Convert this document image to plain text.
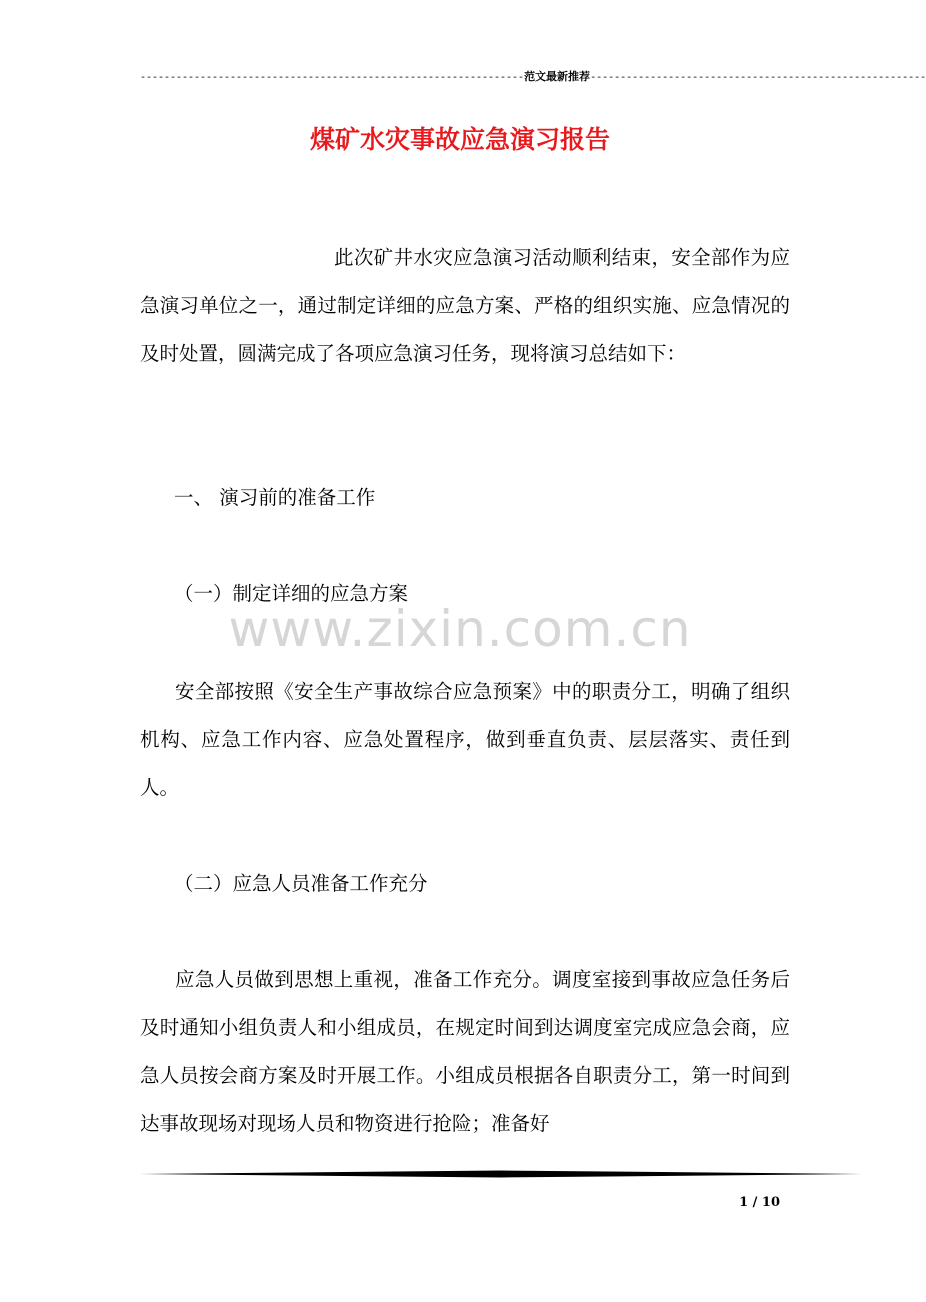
----------------------------------------------------------------范文最新推荐--------------------------------------------------------
煤矿水灾事故应急演习报告
www.zixin.com.cn
此次矿井水灾应急演习活动顺利结束，安全部作为应急演习单位之一，通过制定详细的应急方案、严格的组织实施、应急情况的及时处置，圆满完成了各项应急演习任务，现将演习总结如下：
一、 演习前的准备工作
（一）制定详细的应急方案
安全部按照《安全生产事故综合应急预案》中的职责分工，明确了组织机构、应急工作内容、应急处置程序，做到垂直负责、层层落实、责任到人。
（二）应急人员准备工作充分
应急人员做到思想上重视，准备工作充分。调度室接到事故应急任务后及时通知小组负责人和小组成员，在规定时间到达调度室完成应急会商，应急人员按会商方案及时开展工作。小组成员根据各自职责分工，第一时间到达事故现场对现场人员和物资进行抢险；准备好
1 / 10
